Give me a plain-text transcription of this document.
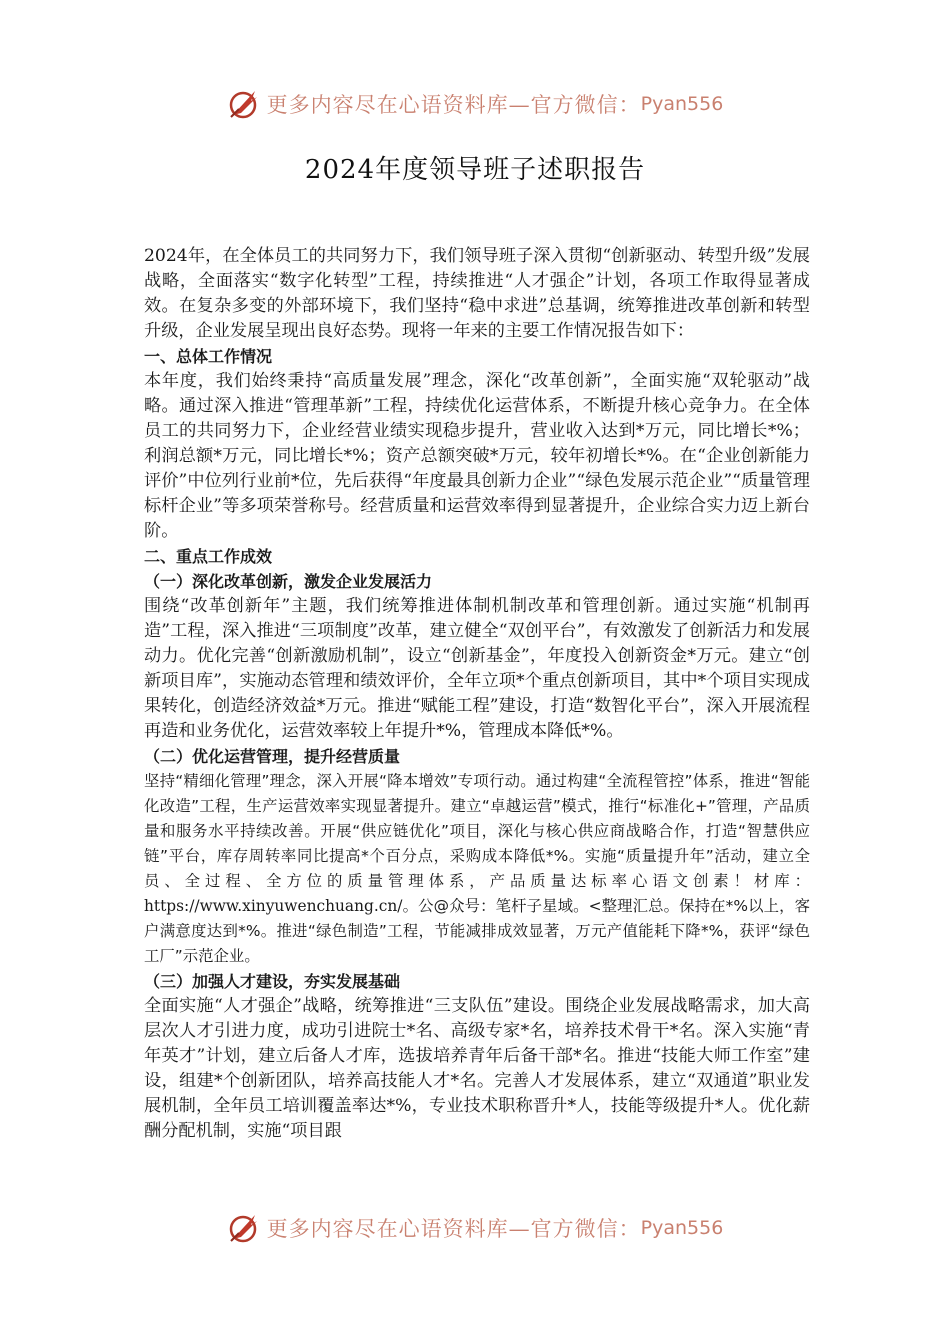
更多内容尽在心语资料库—官方微信： Pyan556
2024年度领导班子述职报告

2024年，在全体员工的共同努力下，我们领导班子深入贯彻“创新驱动、转型升级”发展战略，全面落实“数字化转型”工程，持续推进“人才强企”计划，各项工作取得显著成效。在复杂多变的外部环境下，我们坚持“稳中求进”总基调，统筹推进改革创新和转型升级，企业发展呈现出良好态势。现将一年来的主要工作情况报告如下：

一、总体工作情况

本年度，我们始终秉持“高质量发展”理念，深化“改革创新”，全面实施“双轮驱动”战略。通过深入推进“管理革新”工程，持续优化运营体系，不断提升核心竞争力。在全体员工的共同努力下，企业经营业绩实现稳步提升，营业收入达到*万元，同比增长*%；利润总额*万元，同比增长*%；资产总额突破*万元，较年初增长*%。在“企业创新能力评价”中位列行业前*位，先后获得“年度最具创新力企业”“绿色发展示范企业”“质量管理标杆企业”等多项荣誉称号。经营质量和运营效率得到显著提升，企业综合实力迈上新台阶。

二、重点工作成效

（一）深化改革创新，激发企业发展活力

围绕“改革创新年”主题，我们统筹推进体制机制改革和管理创新。通过实施“机制再造”工程，深入推进“三项制度”改革，建立健全“双创平台”，有效激发了创新活力和发展动力。优化完善“创新激励机制”，设立“创新基金”，年度投入创新资金*万元。建立“创新项目库”，实施动态管理和绩效评价，全年立项*个重点创新项目，其中*个项目实现成果转化，创造经济效益*万元。推进“赋能工程”建设，打造“数智化平台”，深入开展流程再造和业务优化，运营效率较上年提升*%，管理成本降低*%。

（二）优化运营管理，提升经营质量

坚持“精细化管理”理念，深入开展“降本增效”专项行动。通过构建“全流程管控”体系，推进“智能化改造”工程，生产运营效率实现显著提升。建立“卓越运营”模式，推行“标准化+”管理，产品质量和服务水平持续改善。开展“供应链优化”项目，深化与核心供应商战略合作，打造“智慧供应链”平台，库存周转率同比提高*个百分点，采购成本降低*%。实施“质量提升年”活动，建立全员、全过程、全方位的质量管理体系，产品质量达标率心语文创素！材库：https://www.xinyuwenchuang.cn/。公@众号：笔杆子星域。<整理汇总。保持在*%以上，客户满意度达到*%。推进“绿色制造”工程，节能减排成效显著，万元产值能耗下降*%，获评“绿色工厂”示范企业。

（三）加强人才建设，夯实发展基础

全面实施“人才强企”战略，统筹推进“三支队伍”建设。围绕企业发展战略需求，加大高层次人才引进力度，成功引进院士*名、高级专家*名，培养技术骨干*名。深入实施“青年英才”计划，建立后备人才库，选拔培养青年后备干部*名。推进“技能大师工作室”建设，组建*个创新团队，培养高技能人才*名。完善人才发展体系，建立“双通道”职业发展机制，全年员工培训覆盖率达*%，专业技术职称晋升*人，技能等级提升*人。优化薪酬分配机制，实施“项目跟

更多内容尽在心语资料库—官方微信： Pyan556
